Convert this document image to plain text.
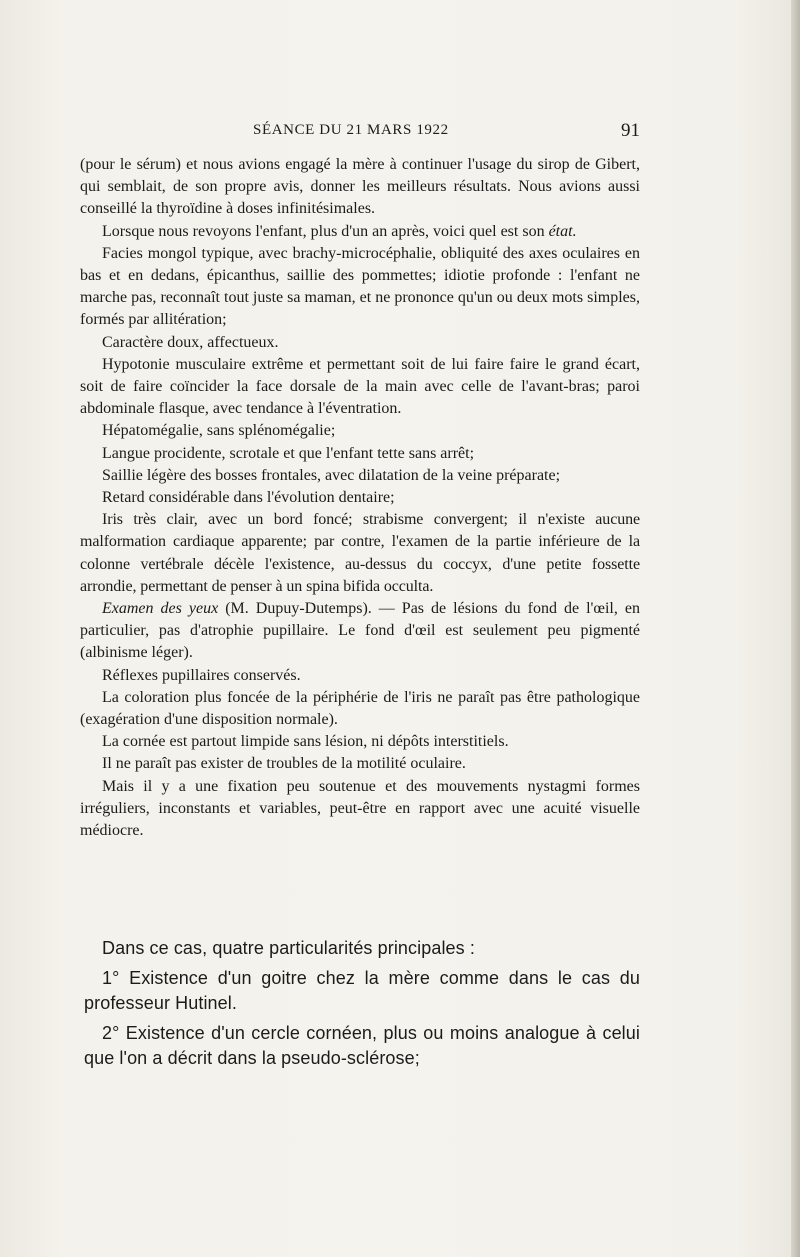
SÉANCE DU 21 MARS 1922	91

(pour le sérum) et nous avions engagé la mère à continuer l'usage du sirop de Gibert, qui semblait, de son propre avis, donner les meilleurs résultats. Nous avions aussi conseillé la thyroïdine à doses infinitésimales.

Lorsque nous revoyons l'enfant, plus d'un an après, voici quel est son état.

Facies mongol typique, avec brachy-microcéphalie, obliquité des axes oculaires en bas et en dedans, épicanthus, saillie des pommettes; idiotie profonde : l'enfant ne marche pas, reconnaît tout juste sa maman, et ne prononce qu'un ou deux mots simples, formés par allitération;

Caractère doux, affectueux.

Hypotonie musculaire extrême et permettant soit de lui faire faire le grand écart, soit de faire coïncider la face dorsale de la main avec celle de l'avant-bras; paroi abdominale flasque, avec tendance à l'éventration.

Hépatomégalie, sans splénomégalie;

Langue procidente, scrotale et que l'enfant tette sans arrêt;

Saillie légère des bosses frontales, avec dilatation de la veine préparate;

Retard considérable dans l'évolution dentaire;

Iris très clair, avec un bord foncé; strabisme convergent; il n'existe aucune malformation cardiaque apparente; par contre, l'examen de la partie inférieure de la colonne vertébrale décèle l'existence, au-dessus du coccyx, d'une petite fossette arrondie, permettant de penser à un spina bifida occulta.

Examen des yeux (M. Dupuy-Dutemps). — Pas de lésions du fond de l'œil, en particulier, pas d'atrophie pupillaire. Le fond d'œil est seulement peu pigmenté (albinisme léger).

Réflexes pupillaires conservés.

La coloration plus foncée de la périphérie de l'iris ne paraît pas être pathologique (exagération d'une disposition normale).

La cornée est partout limpide sans lésion, ni dépôts interstitiels.

Il ne paraît pas exister de troubles de la motilité oculaire.

Mais il y a une fixation peu soutenue et des mouvements nystagmi formes irréguliers, inconstants et variables, peut-être en rapport avec une acuité visuelle médiocre.

Dans ce cas, quatre particularités principales :

1° Existence d'un goitre chez la mère comme dans le cas du professeur Hutinel.

2° Existence d'un cercle cornéen, plus ou moins analogue à celui que l'on a décrit dans la pseudo-sclérose;
